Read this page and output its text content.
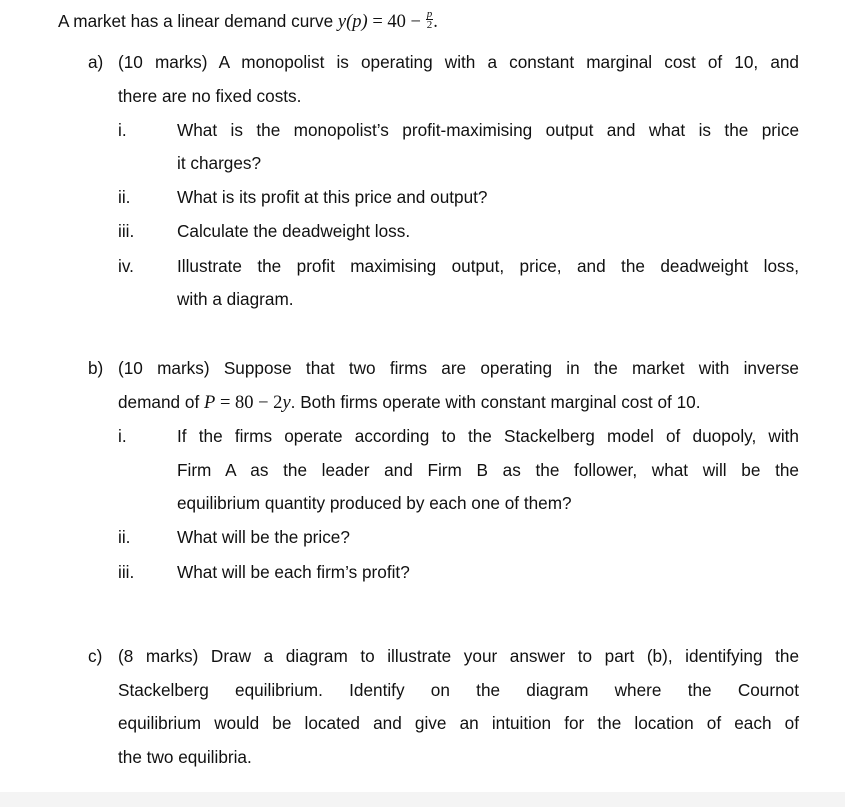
A market has a linear demand curve $y(p) = 40 - \frac{p}{2}$ .
a) (10 marks) A monopolist is operating with a constant marginal cost of 10, and
there are no fixed costs.
i.	What is the monopolist’s profit-maximising output and what is the price
it charges?
ii.	What is its profit at this price and output?
iii. Calculate the deadweight loss.
iv.	Illustrate the profit maximising output, price, and the deadweight loss,
with a diagram.
b) (10 marks) Suppose that two firms are operating in the market with inverse
demand of P = 80 − 2y. Both firms operate with constant marginal cost of 10.
i.	If the firms operate according to the Stackelberg model of duopoly, with
Firm A as the leader and Firm B as the follower, what will be the
equilibrium quantity produced by each one of them?
ii.	What will be the price?
iii. What will be each firm’s profit?
c) (8 marks) Draw a diagram to illustrate your answer to part (b), identifying the
Stackelberg equilibrium. Identify on the diagram where the Cournot
equilibrium would be located and give an intuition for the location of each of
the two equilibria.
